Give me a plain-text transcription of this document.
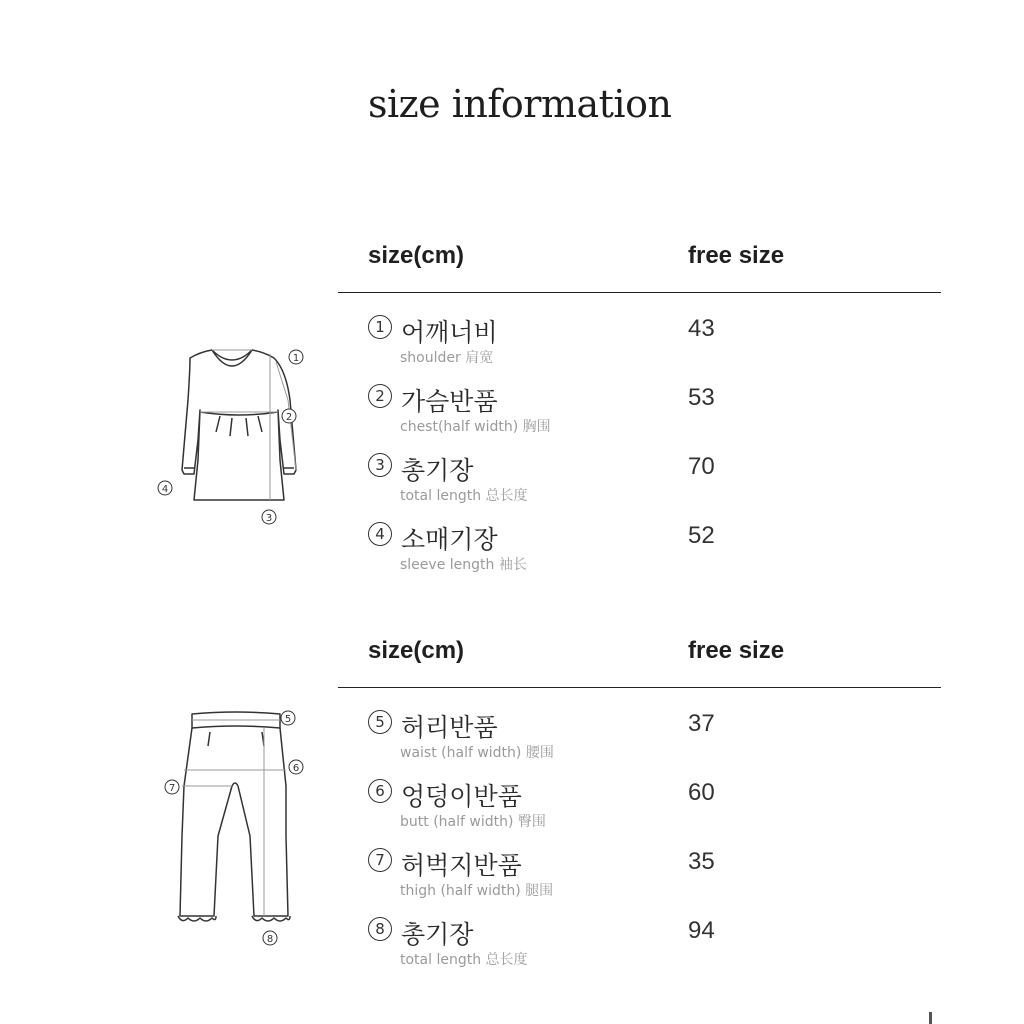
size information
1
2
3
4
5
6
7
8
size(cm)	free size
1 어깨너비
shoulder 肩宽
43
2 가슴반품
chest(half width) 胸围
53
3 총기장
total length 总长度
70
4 소매기장
sleeve length 袖长
52
size(cm)	free size
5 허리반품
waist (half width) 腰围
37
6 엉덩이반품
butt (half width) 臀围
60
7 허벅지반품
thigh (half width) 腿围
35
8 총기장
total length 总长度
94
